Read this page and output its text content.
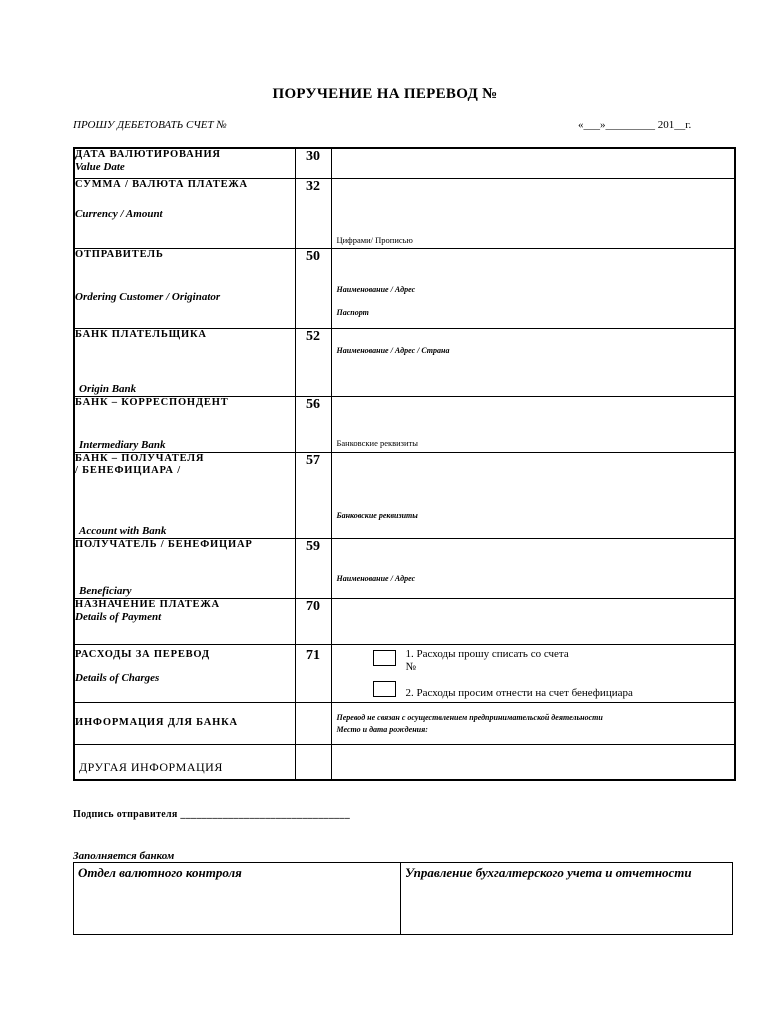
ПОРУЧЕНИЕ НА ПЕРЕВОД №
ПРОШУ ДЕБЕТОВАТЬ СЧЕТ №	«___»_________ 201__г.
ДАТА ВАЛЮТИРОВАНИЯ
Value Date	30	

СУММА / ВАЛЮТА ПЛАТЕЖА
Currency / Amount	32	Цифрами/ Прописью

ОТПРАВИТЕЛЬ
Ordering Customer / Originator	50	Наименование / Адрес
Паспорт

БАНК ПЛАТЕЛЬЩИКА
Origin Bank	52	Наименование / Адрес / Страна

БАНК – КОРРЕСПОНДЕНТ
Intermediary Bank	56	Банковские реквизиты

БАНК – ПОЛУЧАТЕЛЯ
/ БЕНЕФИЦИАРА /
Account with Bank	57	Банковские реквизиты

ПОЛУЧАТЕЛЬ / БЕНЕФИЦИАР
Beneficiary	59	Наименование / Адрес

НАЗНАЧЕНИЕ ПЛАТЕЖА
Details of Payment	70	

РАСХОДЫ ЗА ПЕРЕВОД
Details of Charges	71	1. Расходы прошу списать со счета
№
2. Расходы просим отнести на счет бенефициара

ИНФОРМАЦИЯ ДЛЯ БАНКА		Перевод не связан с осуществлением предпринимательской деятельности
Место и дата рождения:

ДРУГАЯ ИНФОРМАЦИЯ		

Подпись отправителя ________________________________
Заполняется банком
Отдел валютного контроля	Управление бухгалтерского учета и отчетности
